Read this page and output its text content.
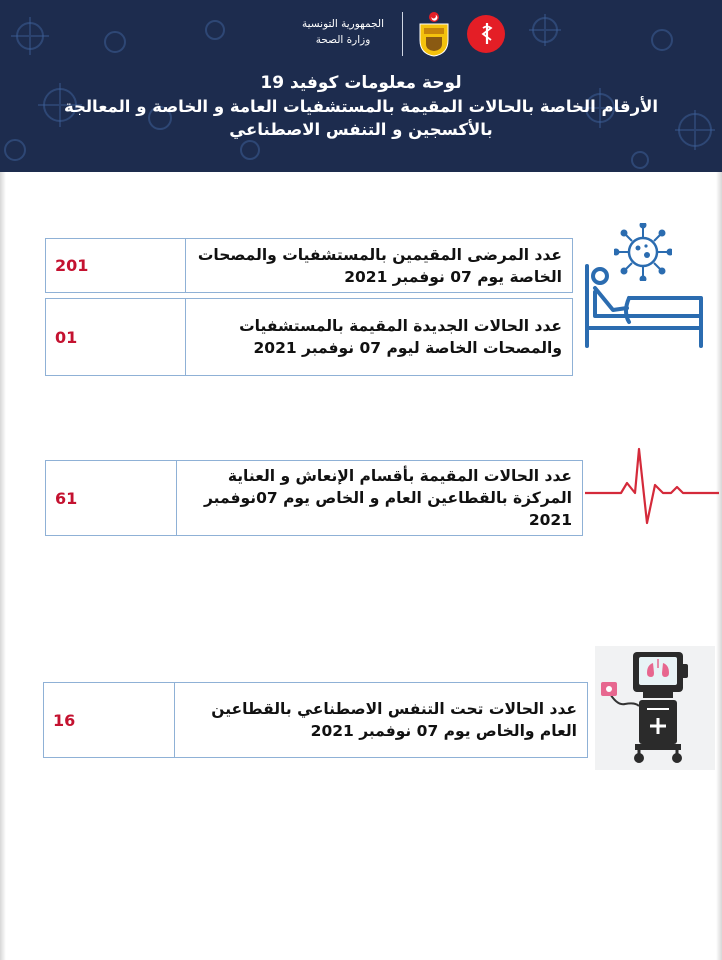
الجمهورية التونسية
وزارة الصحة
لوحة معلومات كوفيد 19
الأرقام الخاصة بالحالات المقيمة بالمستشفيات العامة و الخاصة و المعالجة
بالأكسجين و التنفس الاصطناعي
201
عدد المرضى المقيمين بالمستشفيات والمصحات الخاصة يوم 07 نوفمبر 2021
01
عدد الحالات الجديدة المقيمة بالمستشفيات والمصحات الخاصة ليوم 07 نوفمبر 2021
61
عدد الحالات المقيمة بأقسام الإنعاش و العناية المركزة بالقطاعين العام و الخاص يوم 07نوفمبر 2021
16
عدد الحالات تحت التنفس الاصطناعي بالقطاعين العام والخاص يوم 07 نوفمبر 2021
